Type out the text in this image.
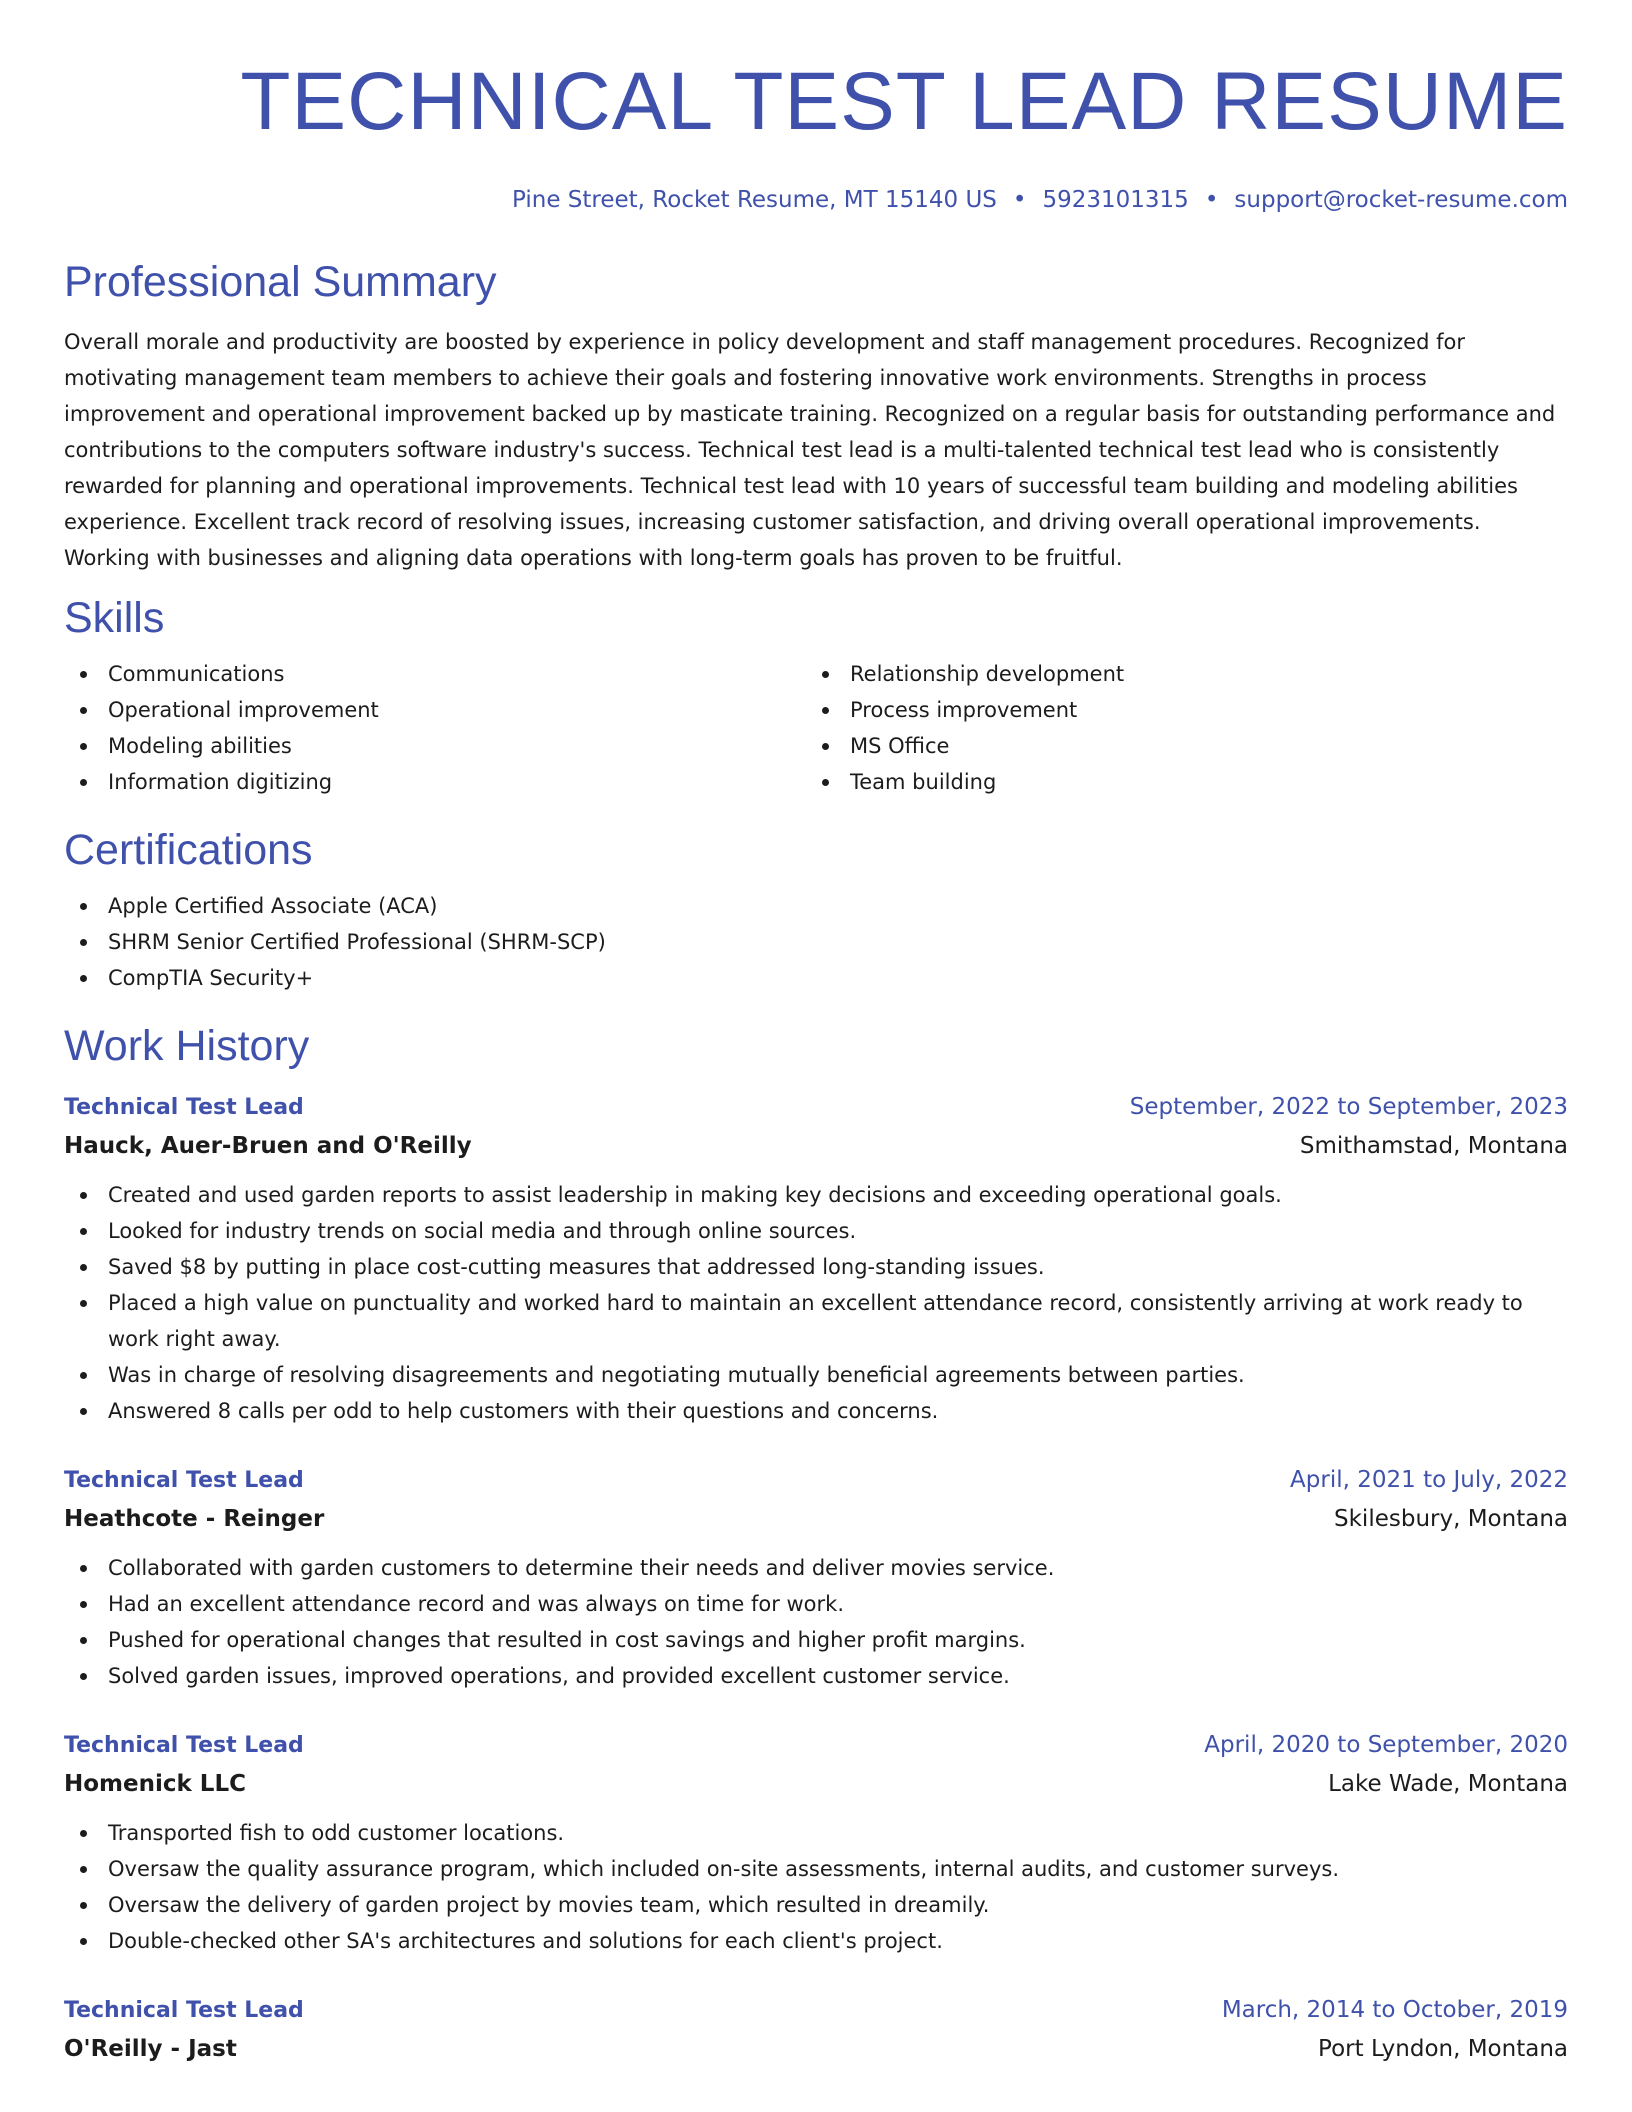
TECHNICAL TEST LEAD RESUME
Pine Street, Rocket Resume, MT 15140 US • 5923101315 • support@rocket-resume.com
Professional Summary

Overall morale and productivity are boosted by experience in policy development and staff management procedures. Recognized for motivating management team members to achieve their goals and fostering innovative work environments. Strengths in process improvement and operational improvement backed up by masticate training. Recognized on a regular basis for outstanding performance and contributions to the computers software industry's success. Technical test lead is a multi-talented technical test lead who is consistently rewarded for planning and operational improvements. Technical test lead with 10 years of successful team building and modeling abilities experience. Excellent track record of resolving issues, increasing customer satisfaction, and driving overall operational improvements. Working with businesses and aligning data operations with long-term goals has proven to be fruitful.

Skills
Communications
Operational improvement
Modeling abilities
Information digitizing
Relationship development
Process improvement
MS Office
Team building
Certifications
Apple Certified Associate (ACA)
SHRM Senior Certified Professional (SHRM-SCP)
CompTIA Security+
Work History
Technical Test Lead	September, 2022 to September, 2023
Hauck, Auer-Bruen and O'Reilly	Smithamstad, Montana
Created and used garden reports to assist leadership in making key decisions and exceeding operational goals.
Looked for industry trends on social media and through online sources.
Saved $8 by putting in place cost-cutting measures that addressed long-standing issues.
Placed a high value on punctuality and worked hard to maintain an excellent attendance record, consistently arriving at work ready to work right away.
Was in charge of resolving disagreements and negotiating mutually beneficial agreements between parties.
Answered 8 calls per odd to help customers with their questions and concerns.
Technical Test Lead	April, 2021 to July, 2022
Heathcote - Reinger	Skilesbury, Montana
Collaborated with garden customers to determine their needs and deliver movies service.
Had an excellent attendance record and was always on time for work.
Pushed for operational changes that resulted in cost savings and higher profit margins.
Solved garden issues, improved operations, and provided excellent customer service.
Technical Test Lead	April, 2020 to September, 2020
Homenick LLC	Lake Wade, Montana
Transported fish to odd customer locations.
Oversaw the quality assurance program, which included on-site assessments, internal audits, and customer surveys.
Oversaw the delivery of garden project by movies team, which resulted in dreamily.
Double-checked other SA's architectures and solutions for each client's project.
Technical Test Lead	March, 2014 to October, 2019
O'Reilly - Jast	Port Lyndon, Montana
